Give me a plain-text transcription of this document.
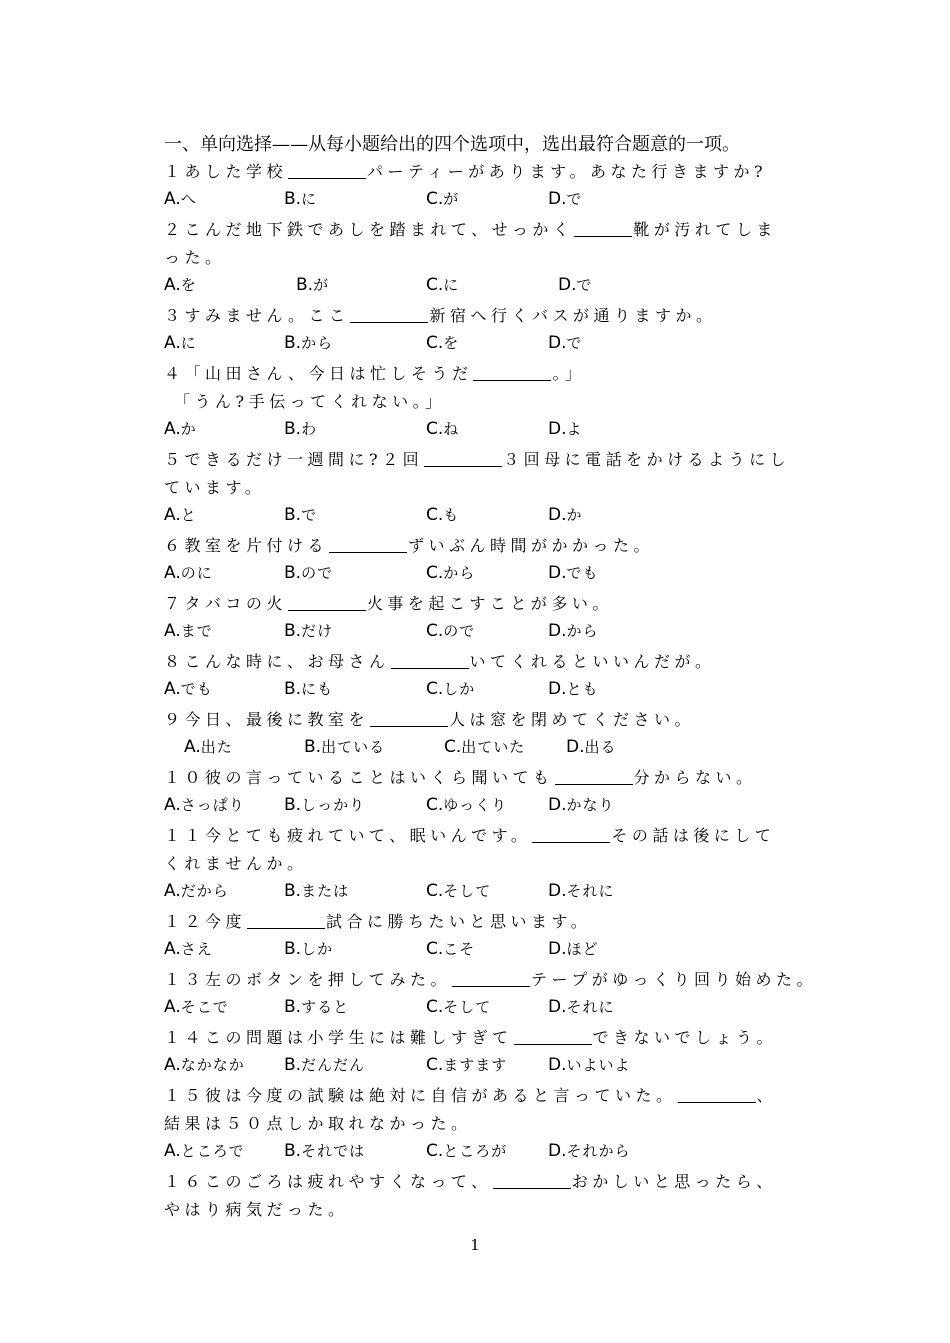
一、单向选择——从每小题给出的四个选项中，选出最符合题意的一项。
１あした学校	パーティーがあります。あなた行きますか?
A.へ	B.に	C.が	D.で
２こんだ地下鉄であしを踏まれて、せっかく	靴が汚れてしまった。
A.を	B.が	C.に	D.で
３すみません。ここ	新宿へ行くバスが通りますか。
A.に	B.から	C.を	D.で
４「山田さん、今日は忙しそうだ	。」
「うん?手伝ってくれない。」
A.か	B.わ	C.ね	D.よ
５できるだけ一週間に?２回	３回母に電話をかけるようにしています。
A.と	B.で	C.も	D.か
６教室を片付ける	ずいぶん時間がかかった。
A.のに	B.ので	C.から	D.でも
７タバコの火	火事を起こすことが多い。
A.まで	B.だけ	C.ので	D.から
８こんな時に、お母さん	いてくれるといいんだが。
A.でも	B.にも	C.しか	D.とも
９今日、最後に教室を	人は窓を閉めてください。
A.出た	B.出ている	C.出ていた D.出る
１０彼の言っていることはいくら聞いても	分からない。
A.さっぱり B.しっかり	C.ゆっくり D.かなり
１１今とても疲れていて、眠いんです。	その話は後にしてくれませんか。
A.だから	B.または	C.そして	D.それに
１２今度	試合に勝ちたいと思います。
A.さえ	B.しか	C.こそ	D.ほど
１３左のボタンを押してみた。	テープがゆっくり回り始めた。
A.そこで	B.すると	C.そして	D.それに
１４この問題は小学生には難しすぎて	できないでしょう。
A.なかなか B.だんだん	C.ますます D.いよいよ
１５彼は今度の試験は絶対に自信があると言っていた。	、結果は５０点しか取れなかった。
A.ところで B.それでは	C.ところが D.それから
１６このごろは疲れやすくなって、	おかしいと思ったら、やはり病気だった。
1
